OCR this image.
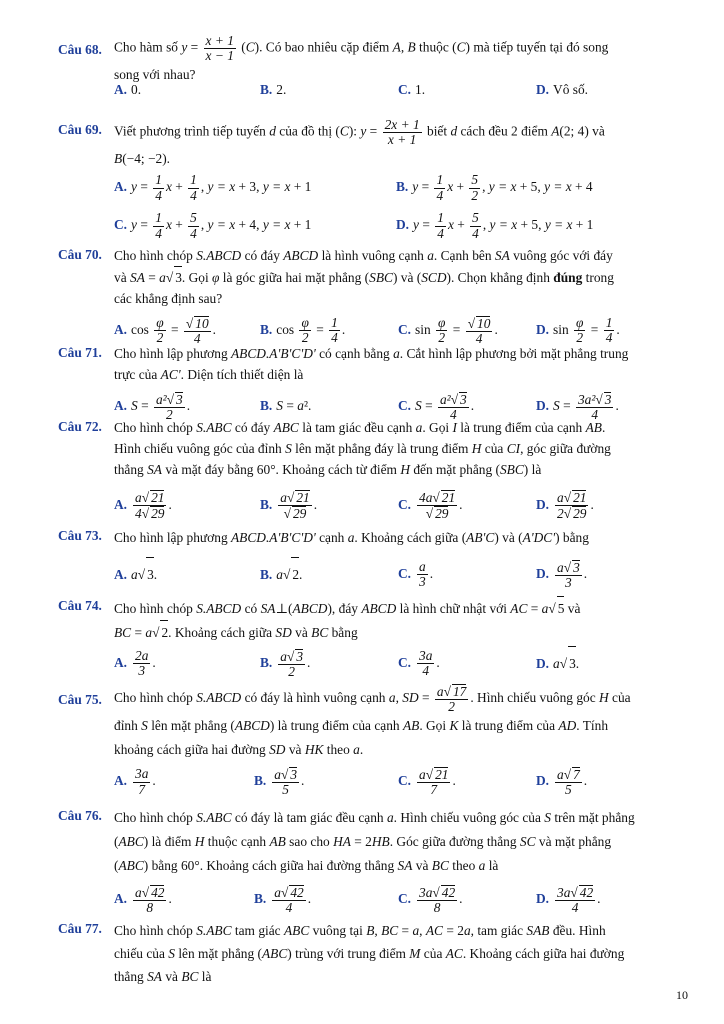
Câu 68. Cho hàm số $y = \frac{x + 1}{x - 1} (C)$. Có bao nhiêu cặp điểm A, B thuộc (C) mà tiếp tuyến tại đó song
song với nhau?
A. 0.	B. 2.	C. 1.	D. Vô số.
Câu 69. Viết phương trình tiếp tuyến d của đồ thị (C): $y = \frac{2x + 1}{x + 1}$ biết d cách đều 2 điểm A(2; 4) và
B(−4; −2).
A. $y = \frac{1}{4}$ $x + \frac{1}{4}$ , y = x + 3, y = x + 1	B. $y = \frac{1}{4}$ $x + \frac{5}{2}$ , y = x + 5, y = x + 4
C. $y = \frac{1}{4}$ $x + \frac{5}{4}$ , y = x + 4, y = x + 1	D. $y = \frac{1}{4}$ $x + \frac{5}{4}$ , y = x + 5, y = x + 1
Câu 70. Cho hình chóp S.ABCD có đáy ABCD là hình vuông cạnh a. Cạnh bên SA vuông góc với đáy
và SA = a√ 3. Gọi φ là góc giữa hai mặt phẳng (SBC) và (SCD). Chọn khẳng định đúng trong
các khẳng định sau?
A. $\cos \frac{\varphi}{2} = \frac{√ 10}{4}$ .	B. $\cos \frac{\varphi}{2} = \frac{1}{4}$ .	C. $\sin \frac{\varphi}{2} = \frac{√ 10}{4}$ .	D. $\sin \frac{\varphi}{2} = \frac{1}{4}$ .
Câu 71. Cho hình lập phương ABCD.A'B'C'D' có cạnh bằng a. Cắt hình lập phương bởi mặt phẳng trung
trực của AC'. Diện tích thiết diện là
A. $S = \frac{\text{a²√ 3}}{2}$ .	B. S = a².	C. $S = \frac{\text{a²√ 3}}{4}$ .	D. $S = \frac{\text{3a²√ 3}}{4}$ .
Câu 72. Cho hình chóp S.ABC có đáy ABC là tam giác đều cạnh a. Gọi I là trung điểm của cạnh AB.
Hình chiếu vuông góc của đỉnh S lên mặt phẳng đáy là trung điểm H của CI, góc giữa đường
thẳng SA và mặt đáy bằng 60°. Khoảng cách từ điểm H đến mặt phẳng (SBC) là
A. $\frac{a√ 21}{4√ 29}$ .	B. $\frac{a√ 21}{√ 29}$ .	C. $\frac{4a√ 21}{√ 29}$ .	D. $\frac{a√ 21}{2√ 29}$ .
Câu 73. Cho hình lập phương ABCD.A'B'C'D' cạnh a. Khoảng cách giữa (AB'C) và (A'DC') bằng
A. a√ 3.	B. a√ 2.	C. $\frac{a}{3}$ .	D. $\frac{a√ 3}{3}$ .
Câu 74. Cho hình chóp S.ABCD có SA⊥(ABCD), đáy ABCD là hình chữ nhật với AC = a√ 5 và
BC = a√ 2. Khoảng cách giữa SD và BC bằng
A. $\frac{2a}{3}$ .	B. $\frac{a√ 3}{2}$ .	C. $\frac{3a}{4}$ .	D. a√ 3.
Câu 75. Cho hình chóp S.ABCD có đáy là hình vuông cạnh a, SD = $\frac{a√ 17}{2}$ . Hình chiếu vuông góc H của
đỉnh S lên mặt phẳng (ABCD) là trung điểm của cạnh AB. Gọi K là trung điểm của AD. Tính
khoảng cách giữa hai đường SD và HK theo a.
A. $\frac{3a}{7}$ .	B. $\frac{a√ 3}{5}$ .	C. $\frac{a√ 21}{7}$ .	D. $\frac{a√ 7}{5}$ .
Câu 76. Cho hình chóp S.ABC có đáy là tam giác đều cạnh a. Hình chiếu vuông góc của S trên mặt phẳng
(ABC) là điểm H thuộc cạnh AB sao cho HA = 2HB. Góc giữa đường thẳng SC và mặt phẳng
(ABC) bằng 60°. Khoảng cách giữa hai đường thẳng SA và BC theo a là
A. $\frac{a√ 42}{8}$ .	B. $\frac{a√ 42}{4}$ .	C. $\frac{3a√ 42}{8}$ .	D. $\frac{3a√ 42}{4}$ .
Câu 77. Cho hình chóp S.ABC tam giác ABC vuông tại B, BC = a, AC = 2a, tam giác SAB đều. Hình
chiếu của S lên mặt phẳng (ABC) trùng với trung điểm M của AC. Khoảng cách giữa hai đường
thẳng SA và BC là
10
